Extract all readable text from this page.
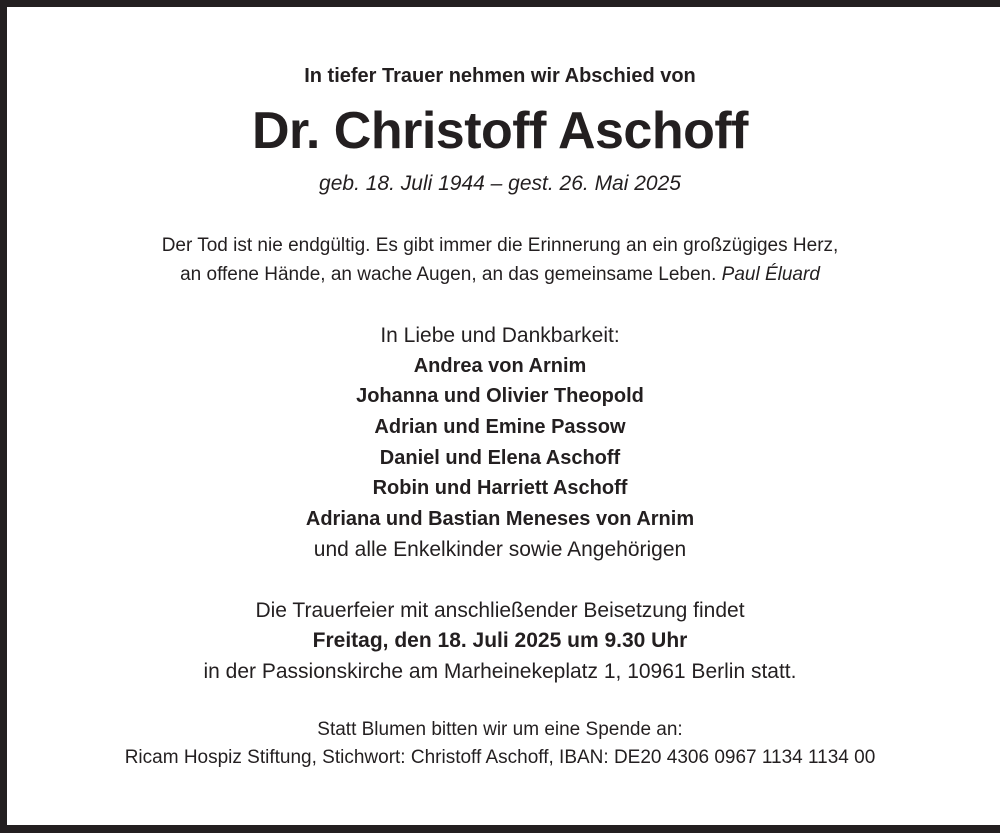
In tiefer Trauer nehmen wir Abschied von
Dr. Christoff Aschoff
geb. 18. Juli 1944 – gest. 26. Mai 2025
Der Tod ist nie endgültig. Es gibt immer die Erinnerung an ein großzügiges Herz,
an offene Hände, an wache Augen, an das gemeinsame Leben. Paul Éluard
In Liebe und Dankbarkeit:
Andrea von Arnim
Johanna und Olivier Theopold
Adrian und Emine Passow
Daniel und Elena Aschoff
Robin und Harriett Aschoff
Adriana und Bastian Meneses von Arnim
und alle Enkelkinder sowie Angehörigen
Die Trauerfeier mit anschließender Beisetzung findet
Freitag, den 18. Juli 2025 um 9.30 Uhr
in der Passionskirche am Marheinekeplatz 1, 10961 Berlin statt.
Statt Blumen bitten wir um eine Spende an:
Ricam Hospiz Stiftung, Stichwort: Christoff Aschoff, IBAN: DE20 4306 0967 1134 1134 00
